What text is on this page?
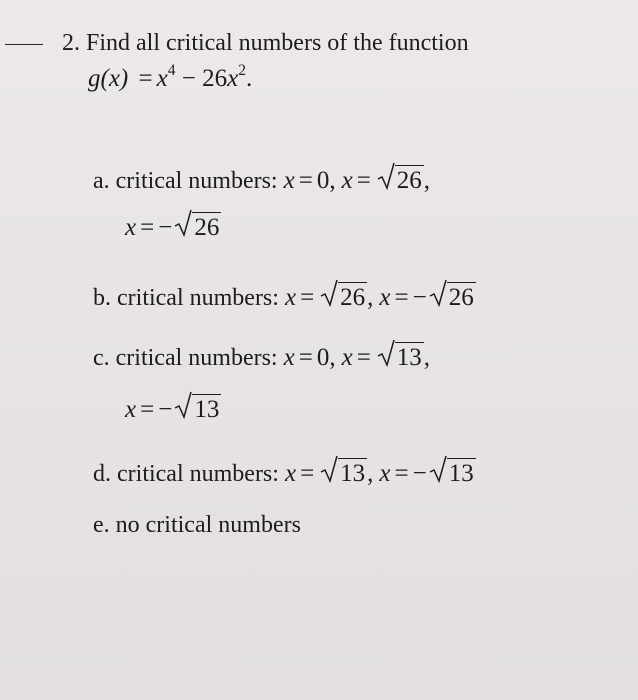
2. Find all critical numbers of the function
$g(x) = x^4 - 26x^2$.
a. critical numbers: x = 0, x = 26,
x = − 26
b. critical numbers: x = 26, x = − 26
c. critical numbers: x = 0, x = 13,
x = − 13
d. critical numbers: x = 13, x = − 13
e. no critical numbers
